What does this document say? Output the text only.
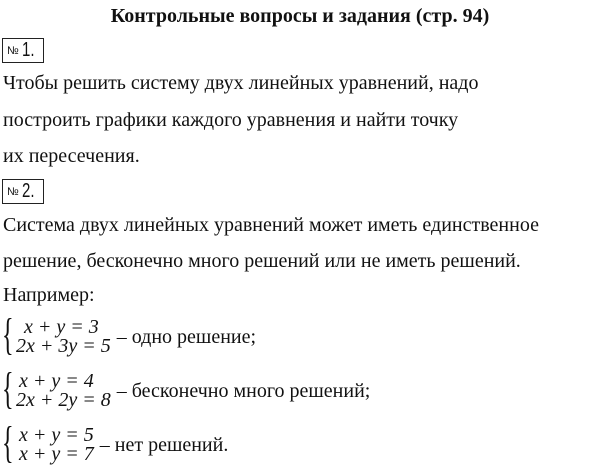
Контрольные вопросы и задания (стр. 94)
№ 1.
Чтобы решить систему двух линейных уравнений, надо
построить графики каждого уравнения и найти точку
их пересечения.
№ 2.
Система двух линейных уравнений может иметь единственное
решение, бесконечно много решений или не иметь решений.
Например:
{ x + y = 3
2x + 3y = 5 – одно решение;
{ x + y = 4
2x + 2y = 8 – бесконечно много решений;
{ x + y = 5
x + y = 7 – нет решений.
